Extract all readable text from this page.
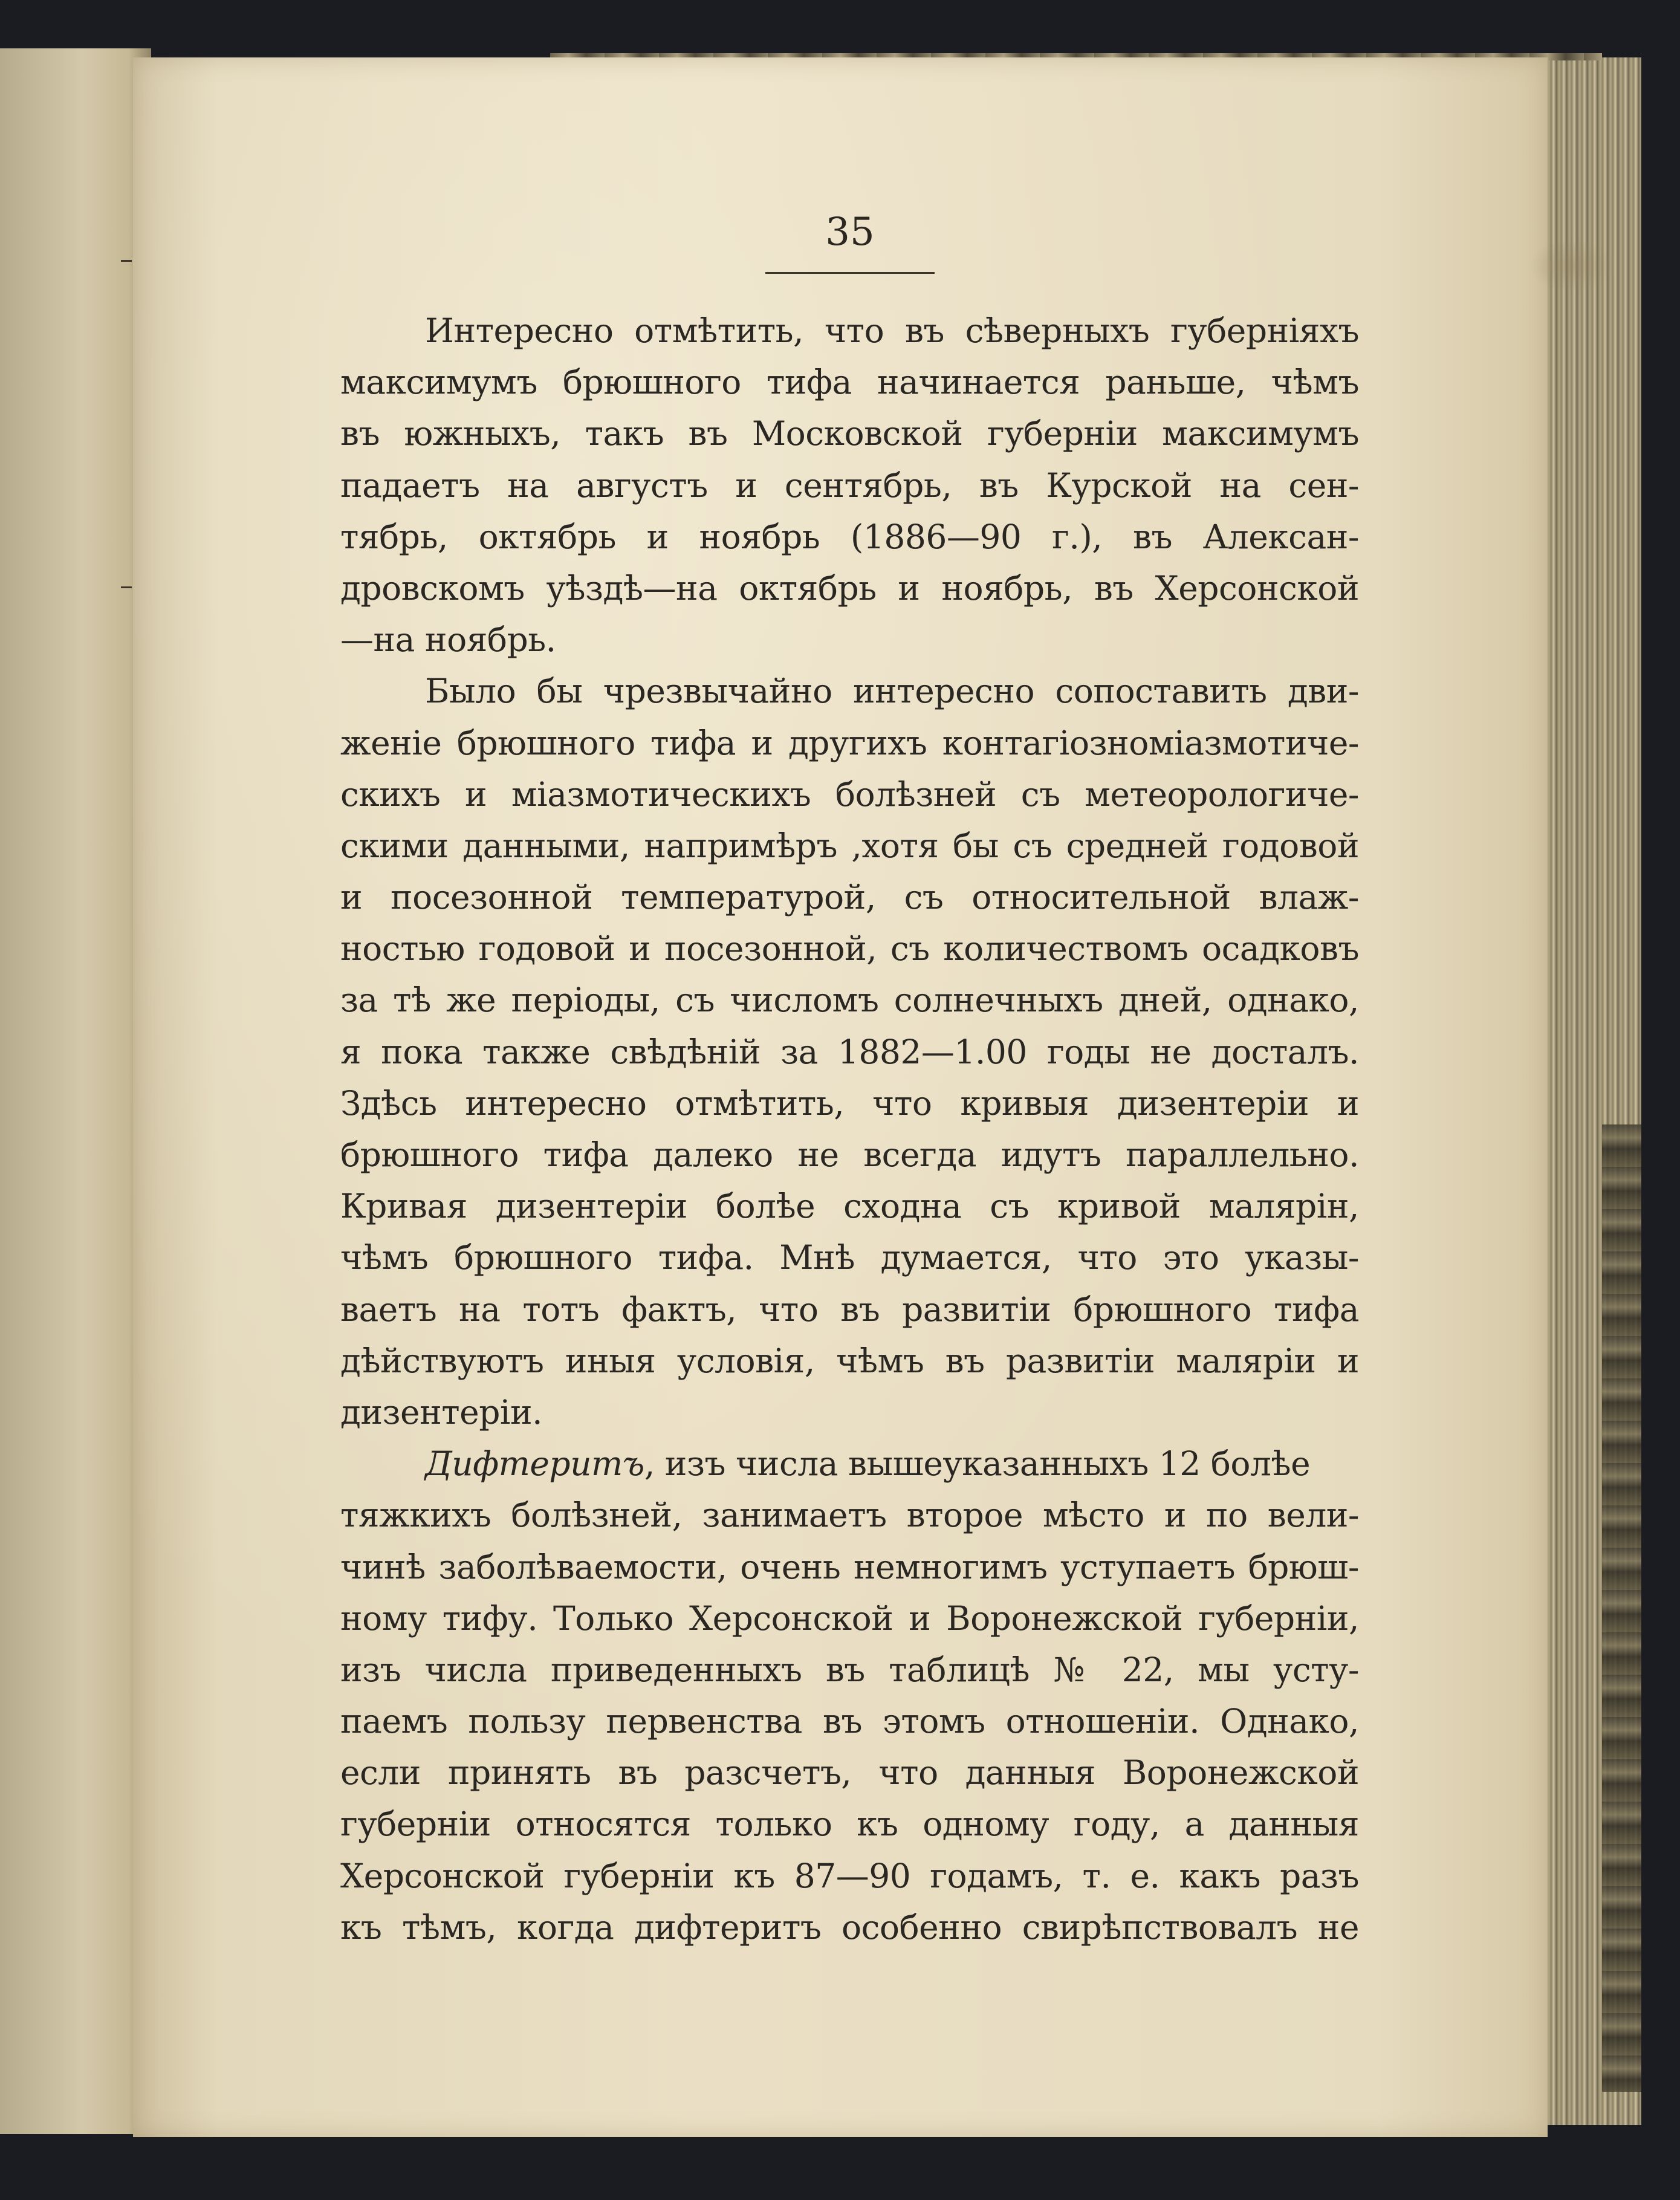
35
Интересно отмѣтить, что въ сѣверныхъ губерніяхъ
максимумъ брюшного тифа начинается раньше, чѣмъ
въ южныхъ, такъ въ Московской губерніи максимумъ
падаетъ на августъ и сентябрь, въ Курской на сен-
тябрь, октябрь и ноябрь (1886—90 г.), въ Алексан-
дровскомъ уѣздѣ—на октябрь и ноябрь, въ Херсонской
—на ноябрь.
Было бы чрезвычайно интересно сопоставить дви-
женіе брюшного тифа и другихъ контагіозноміазмотиче-
скихъ и міазмотическихъ болѣзней съ метеорологиче-
скими данными, напримѣръ ,хотя бы съ средней годовой
и посезонной температурой, съ относительной влаж-
ностью годовой и посезонной, съ количествомъ осадковъ
за тѣ же періоды, съ числомъ солнечныхъ дней, однако,
я пока также свѣдѣній за 1882—1.00 годы не досталъ.
Здѣсь интересно отмѣтить, что кривыя дизентеріи и
брюшного тифа далеко не всегда идутъ параллельно.
Кривая дизентеріи болѣе сходна съ кривой малярін,
чѣмъ брюшного тифа. Мнѣ думается, что это указы-
ваетъ на тотъ фактъ, что въ развитіи брюшного тифа
дѣйствуютъ иныя условія, чѣмъ въ развитіи маляріи и
дизентеріи.
Дифтеритъ, изъ числа вышеуказанныхъ 12 болѣе
тяжкихъ болѣзней, занимаетъ второе мѣсто и по вели-
чинѣ заболѣваемости, очень немногимъ уступаетъ брюш-
ному тифу. Только Херсонской и Воронежской губерніи,
изъ числа приведенныхъ въ таблицѣ № 22, мы усту-
паемъ пользу первенства въ этомъ отношеніи. Однако,
если принять въ разсчетъ, что данныя Воронежской
губерніи относятся только къ одному году, а данныя
Херсонской губерніи къ 87—90 годамъ, т. е. какъ разъ
къ тѣмъ, когда дифтеритъ особенно свирѣпствовалъ не
